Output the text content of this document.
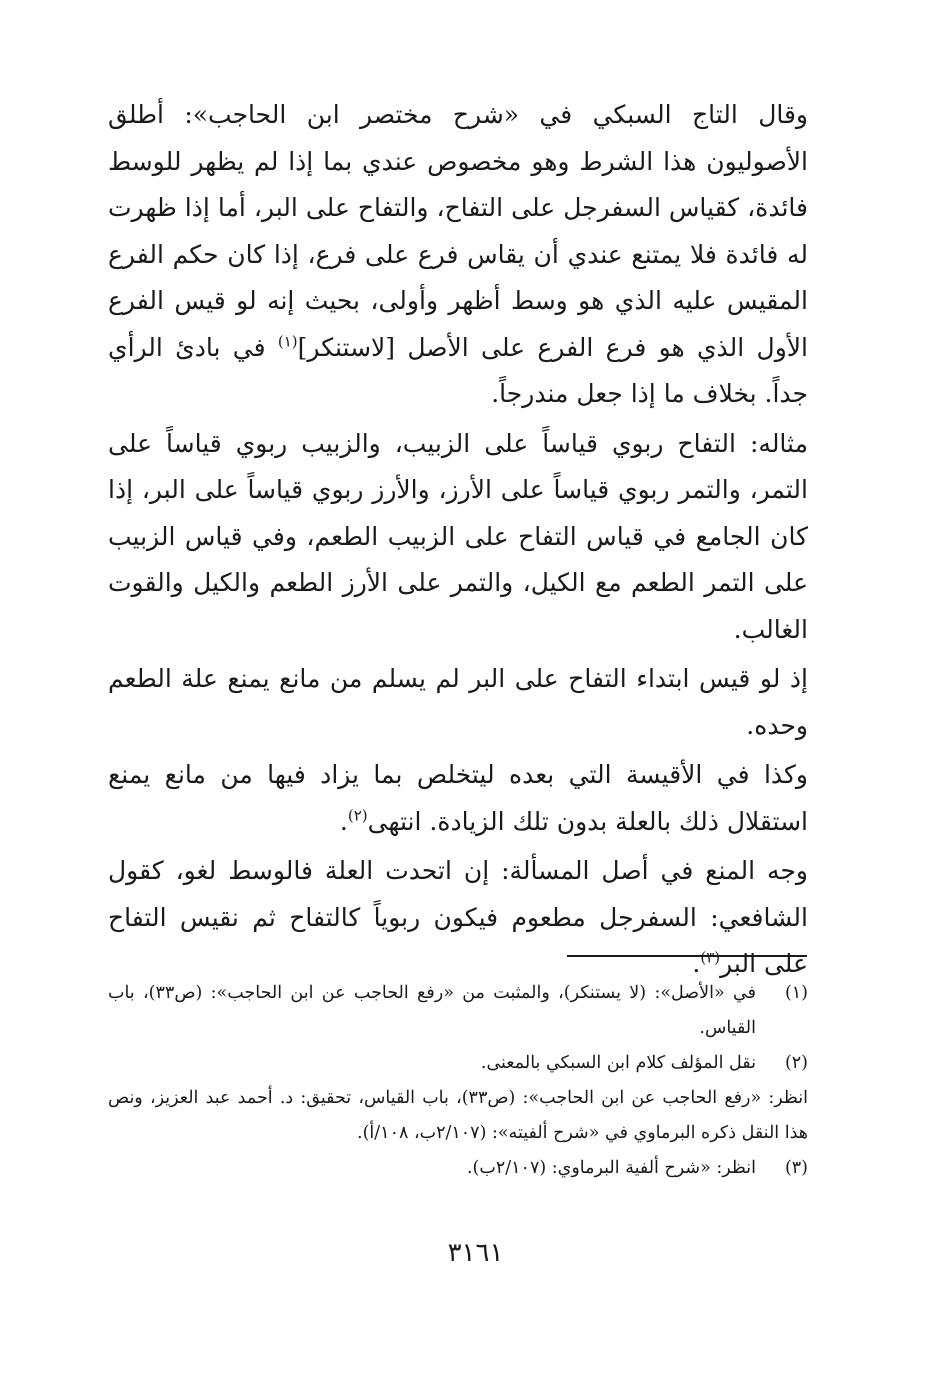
وقال التاج السبكي في «شرح مختصر ابن الحاجب»: أطلق الأصوليون هذا الشرط وهو مخصوص عندي بما إذا لم يظهر للوسط فائدة، كقياس السفرجل على التفاح، والتفاح على البر، أما إذا ظهرت له فائدة فلا يمتنع عندي أن يقاس فرع على فرع، إذا كان حكم الفرع المقيس عليه الذي هو وسط أظهر وأولى، بحيث إنه لو قيس الفرع الأول الذي هو فرع الفرع على الأصل [لاستنكر]$^{(١)}$ في بادئ الرأي جداً. بخلاف ما إذا جعل مندرجاً.

مثاله: التفاح ربوي قياساً على الزبيب، والزبيب ربوي قياساً على التمر، والتمر ربوي قياساً على الأرز، والأرز ربوي قياساً على البر، إذا كان الجامع في قياس التفاح على الزبيب الطعم، وفي قياس الزبيب على التمر الطعم مع الكيل، والتمر على الأرز الطعم والكيل والقوت الغالب.

إذ لو قيس ابتداء التفاح على البر لم يسلم من مانع يمنع علة الطعم وحده.

وكذا في الأقيسة التي بعده ليتخلص بما يزاد فيها من مانع يمنع استقلال ذلك بالعلة بدون تلك الزيادة. انتهى$^{(٢)}$.

وجه المنع في أصل المسألة: إن اتحدت العلة فالوسط لغو، كقول الشافعي: السفرجل مطعوم فيكون ربوياً كالتفاح ثم نقيس التفاح على البر$^{(٣)}$.

(١)
في «الأصل»: (لا يستنكر)، والمثبت من «رفع الحاجب عن ابن الحاجب»: (ص٣٣)، باب القياس.
(٢)
نقل المؤلف كلام ابن السبكي بالمعنى.
انظر: «رفع الحاجب عن ابن الحاجب»: (ص٣٣)، باب القياس، تحقيق: د. أحمد عبد العزيز، ونص هذا النقل ذكره البرماوي في «شرح ألفيته»: (٢/١٠٧ب، ١٠٨/أ).
(٣)
انظر: «شرح ألفية البرماوي: (٢/١٠٧ب).
٣١٦١
